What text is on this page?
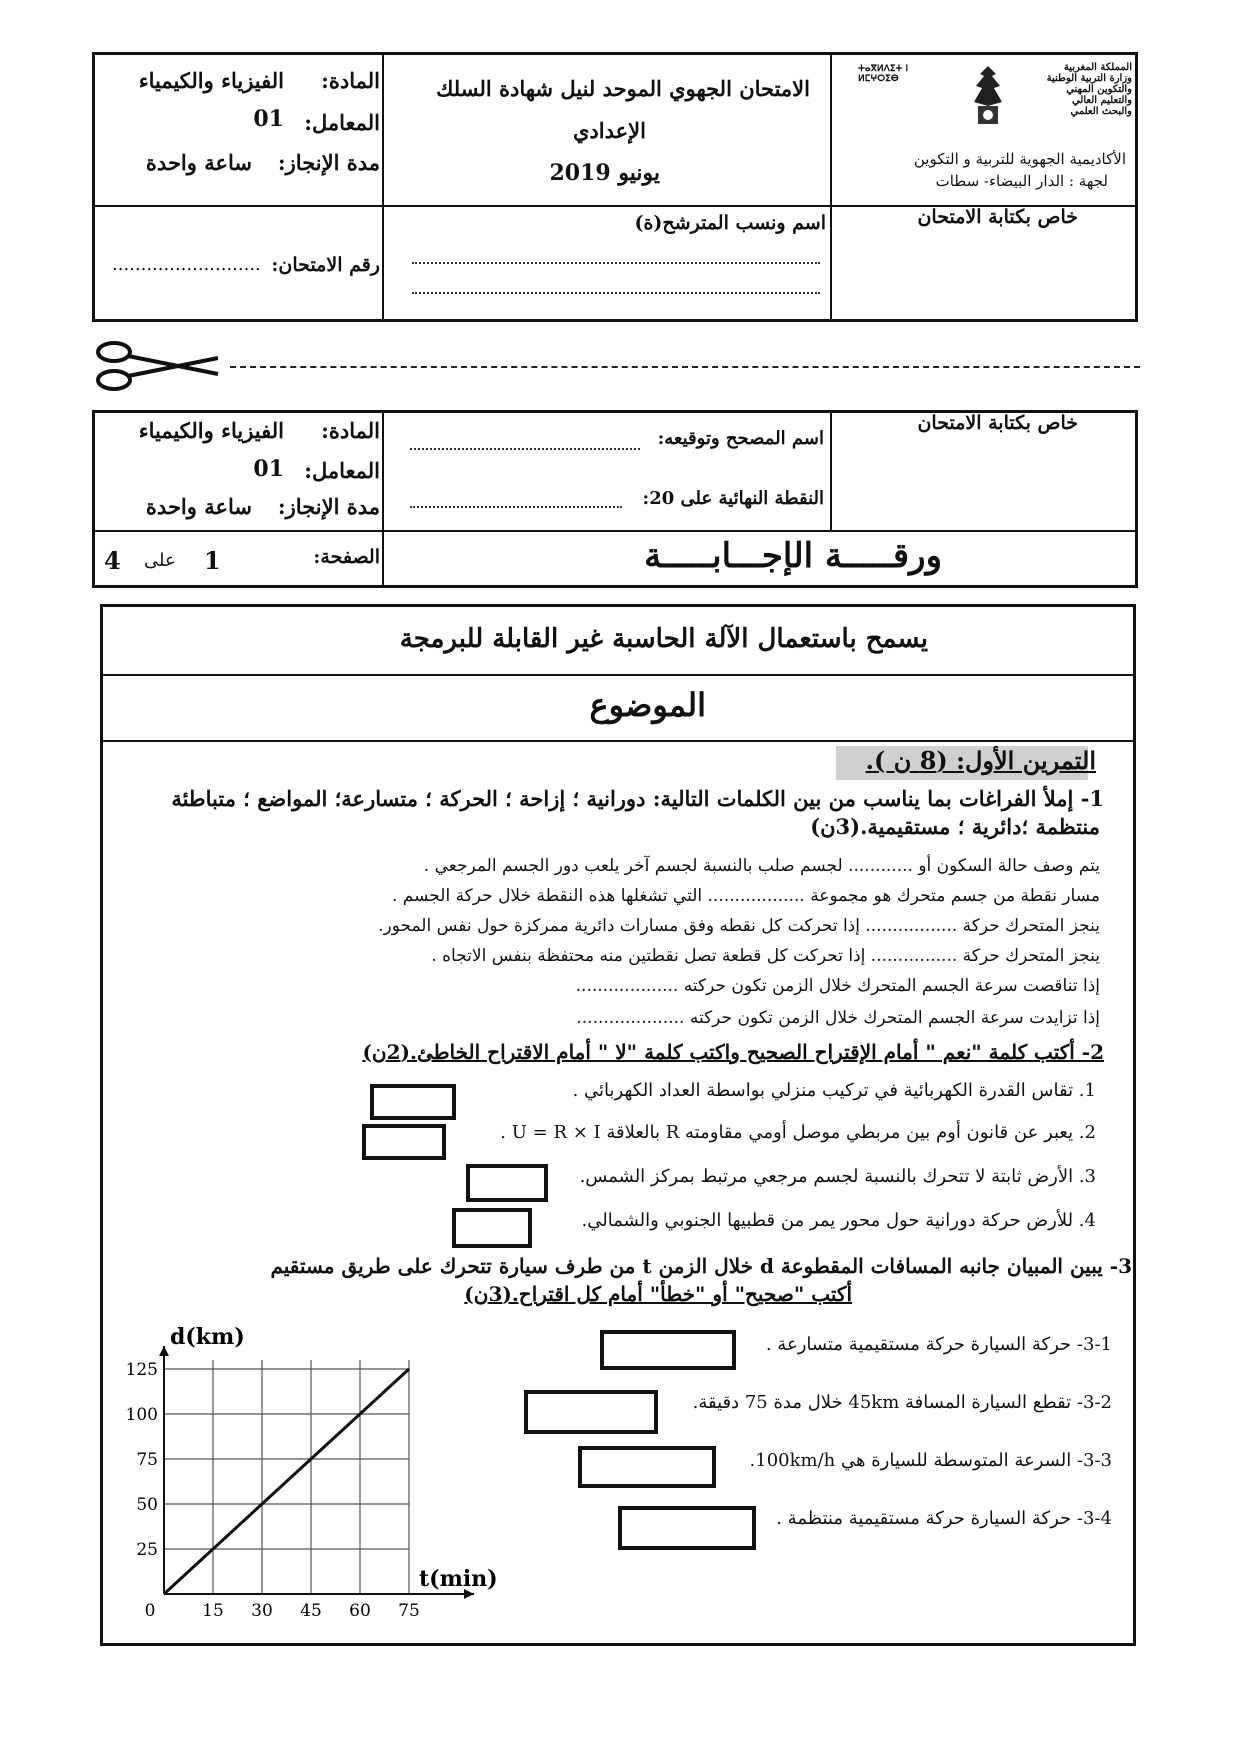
المادة:
الفيزياء والكيمياء
المعامل:
01
مدة الإنجاز:
ساعة واحدة
الامتحان الجهوي الموحد لنيل شهادة السلك
الإعدادي
يونيو 2019
المملكة المغربية وزارة التربية الوطنية والتكوين المهني والتعليم العالي والبحث العلمي
ⵜⴰⴳⵍⴷⵉⵜ ⵏ ⵍⵎⵖⵔⵉⴱ
الأكاديمية الجهوية للتربية و التكوين
لجهة : الدار البيضاء- سطات
رقم الامتحان:
..........................
اسم ونسب المترشح(ة)	خاص بكتابة الامتحان
خاص بكتابة الامتحان
اسم المصحح وتوقيعه:
النقطة النهائية على 20:
المادة:
الفيزياء والكيمياء
المعامل:
01
مدة الإنجاز:
ساعة واحدة
ورقـــــة الإجـــابـــــة
الصفحة:
1
على
4
يسمح باستعمال الآلة الحاسبة غير القابلة للبرمجة
الموضوع
التمرين الأول: (8 ن ).
1- إملأ الفراغات بما يناسب من بين الكلمات التالية: دورانية ؛ إزاحة ؛ الحركة ؛ متسارعة؛ المواضع ؛ متباطئة
منتظمة ؛دائرية ؛ مستقيمية.(3ن)
يتم وصف حالة السكون أو ............ لجسم صلب بالنسبة لجسم آخر يلعب دور الجسم المرجعي .
مسار نقطة من جسم متحرك هو مجموعة .................. التي تشغلها هذه النقطة خلال حركة الجسم .
ينجز المتحرك حركة ................. إذا تحركت كل نقطه وفق مسارات دائرية ممركزة حول نفس المحور.
ينجز المتحرك حركة ................ إذا تحركت كل قطعة تصل نقطتين منه محتفظة بنفس الاتجاه .
إذا تناقصت سرعة الجسم المتحرك خلال الزمن تكون حركته ...................
إذا تزايدت سرعة الجسم المتحرك خلال الزمن تكون حركته ....................
2- أكتب كلمة "نعم " أمام الإقتراح الصحيح واكتب كلمة "لا " أمام الاقتراح الخاطئ.(2ن)
1. تقاس القدرة الكهربائية في تركيب منزلي بواسطة العداد الكهربائي .
2. يعبر عن قانون أوم بين مربطي موصل أومي مقاومته R بالعلاقة U = R × I .
3. الأرض ثابتة لا تتحرك بالنسبة لجسم مرجعي مرتبط بمركز الشمس.
4. للأرض حركة دورانية حول محور يمر من قطبيها الجنوبي والشمالي.
3- يبين المبيان جانبه المسافات المقطوعة d خلال الزمن t من طرف سيارة تتحرك على طريق مستقيم
أكتب "صحيح" أو "خطأ" أمام كل اقتراح.(3ن)
3-1- حركة السيارة حركة مستقيمية متسارعة .
3-2- تقطع السيارة المسافة 45km خلال مدة 75 دقيقة.
3-3- السرعة المتوسطة للسيارة هي 100km/h.
3-4- حركة السيارة حركة مستقيمية منتظمة .
0	15 30 45 60 75
25
50
75
100
125
t(min)
d(km)
